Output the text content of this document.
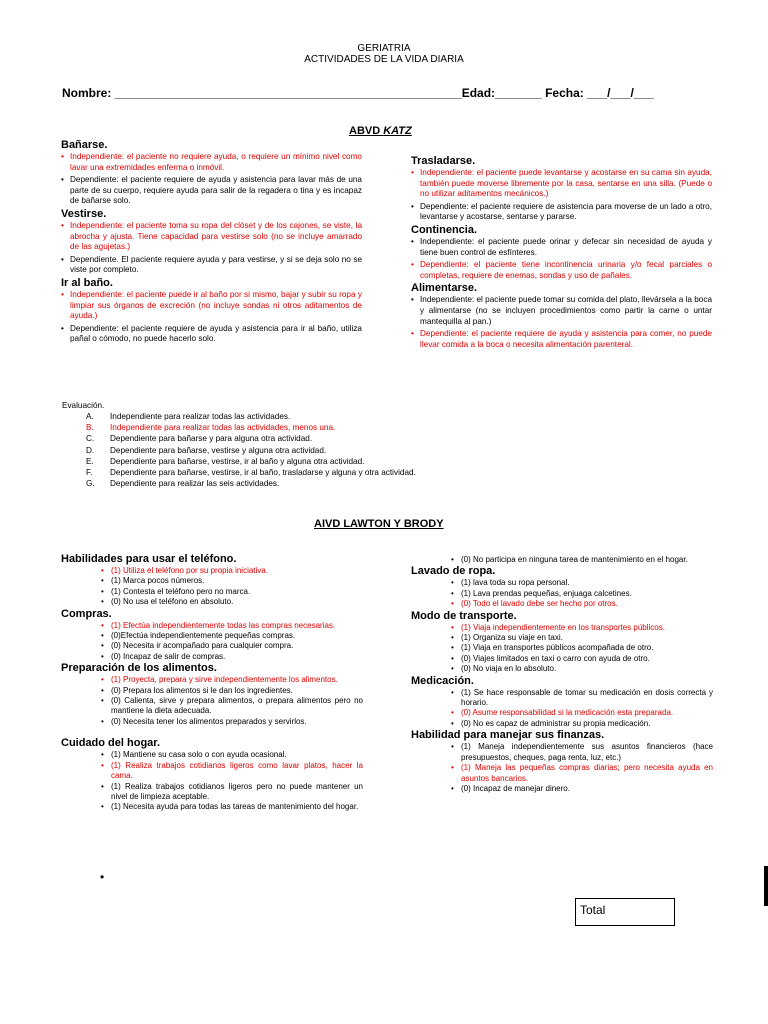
GERIATRIA
ACTIVIDADES DE LA VIDA DIARIA
Nombre: ____________________________________________________Edad:_______ Fecha: ___/___/___
ABVD KATZ
Bañarse.

• Independiente: el paciente no requiere ayuda, o requiere un mínimo nivel como lavar una extremidades enferma o inmóvil.

• Dependiente: el paciente requiere de ayuda y asistencia para lavar más de una parte de su cuerpo, requiere ayuda para salir de la regadera o tina y es incapaz de bañarse solo.

Vestirse.

• Independiente: el paciente toma su ropa del clóset y de los cajones, se viste, la abrocha y ajusta. Tiene capacidad para vestirse solo (no se incluye amarrado de las agujetas.)

• Dependiente. El paciente requiere ayuda y para vestirse, y si se deja solo no se viste por completo.

Ir al baño.

• Independiente: el paciente puede ir al baño por si mismo, bajar y subir su ropa y limpiar sus órganos de excreción (no incluye sondas ni otros aditamentos de ayuda.)

• Dependiente: el paciente requiere de ayuda y asistencia para ir al baño, utiliza pañal o cómodo, no puede hacerlo solo.

Trasladarse.

• Independiente: el paciente puede levantarse y acostarse en su cama sin ayuda, también puede moverse libremente por la casa, sentarse en una silla. (Puede o no utilizar aditamentos mecánicos.)

• Dependiente: el paciente requiere de asistencia para moverse de un lado a otro, levantarse y acostarse, sentarse y pararse.

Continencia.

• Independiente: el paciente puede orinar y defecar sin necesidad de ayuda y tiene buen control de esfínteres.

• Dependiente: el paciente tiene incontinencia urinaria y/o fecal parciales o completas, requiere de enemas, sondas y uso de pañales.

Alimentarse.

• Independiente: el paciente puede tomar su comida del plato, llevársela a la boca y alimentarse (no se incluyen procedimientos como partir la carne o untar mantequilla al pan.)

• Dependiente: el paciente requiere de ayuda y asistencia para comer, no puede llevar comida a la boca o necesita alimentación parenteral.

Evaluación.
A. Independiente para realizar todas las actividades.
B. Independiente para realizar todas las actividades, menos una.
C. Dependiente para bañarse y para alguna otra actividad.
D. Dependiente para bañarse, vestirse y alguna otra actividad.
E. Dependiente para bañarse, vestirse, ir al baño y alguna otra actividad.
F. Dependiente para bañarse, vestirse, ir al baño, trasladarse y alguna y otra actividad.
G. Dependiente para realizar las seis actividades.
AIVD LAWTON Y BRODY
Habilidades para usar el teléfono.

• (1) Utiliza el teléfono por su propia iniciativa.

• (1) Marca pocos números.

• (1) Contesta el teléfono pero no marca.

• (0) No usa el teléfono en absoluto.

Compras.

• (1) Efectúa independientemente todas las compras necesarias.

• (0)Efectúa independientemente pequeñas compras.

• (0) Necesita ir acompañado para cualquier compra.

• (0) Incapaz de salir de compras.

Preparación de los alimentos.

• (1) Proyecta, prepara y sirve independientemente los alimentos.

• (0) Prepara los alimentos si le dan los ingredientes.

• (0) Calienta, sirve y prepara alimentos, o prepara alimentos pero no mantiene la dieta adecuada.

• (0) Necesita tener los alimentos preparados y servirlos.

Cuidado del hogar.

• (1) Mantiene su casa solo o con ayuda ocasional.

• (1) Realiza trabajos cotidianos ligeros como lavar platos, hacer la cama.

• (1) Realiza trabajos cotidianos ligeros pero no puede mantener un nivel de limpieza aceptable.

• (1) Necesita ayuda para todas las tareas de mantenimiento del hogar.

•

• (0) No participa en ninguna tarea de mantenimiento en el hogar.

Lavado de ropa.

• (1) lava toda su ropa personal.

• (1) Lava prendas pequeñas, enjuaga calcetines.

• (0) Todo el lavado debe ser hecho por otros.

Modo de transporte.

• (1) Viaja independientemente en los transportes públicos.

• (1) Organiza su viaje en taxi.

• (1) Viaja en transportes públicos acompañada de otro.

• (0) Viajes limitados en taxi o carro con ayuda de otro.

• (0) No viaja en lo absoluto.

Medicación.

• (1) Se hace responsable de tomar su medicación en dosis correcta y horario.

• (0) Asume responsabilidad si la medicación esta preparada.

• (0) No es capaz de administrar su propia medicación.

Habilidad para manejar sus finanzas.

• (1) Maneja independientemente sus asuntos financieros (hace presupuestos, cheques, paga renta, luz, etc.)

• (1) Maneja las pequeñas compras diarias; pero necesita ayuda en asuntos bancarios.

• (0) Incapaz de manejar dinero.

Total
